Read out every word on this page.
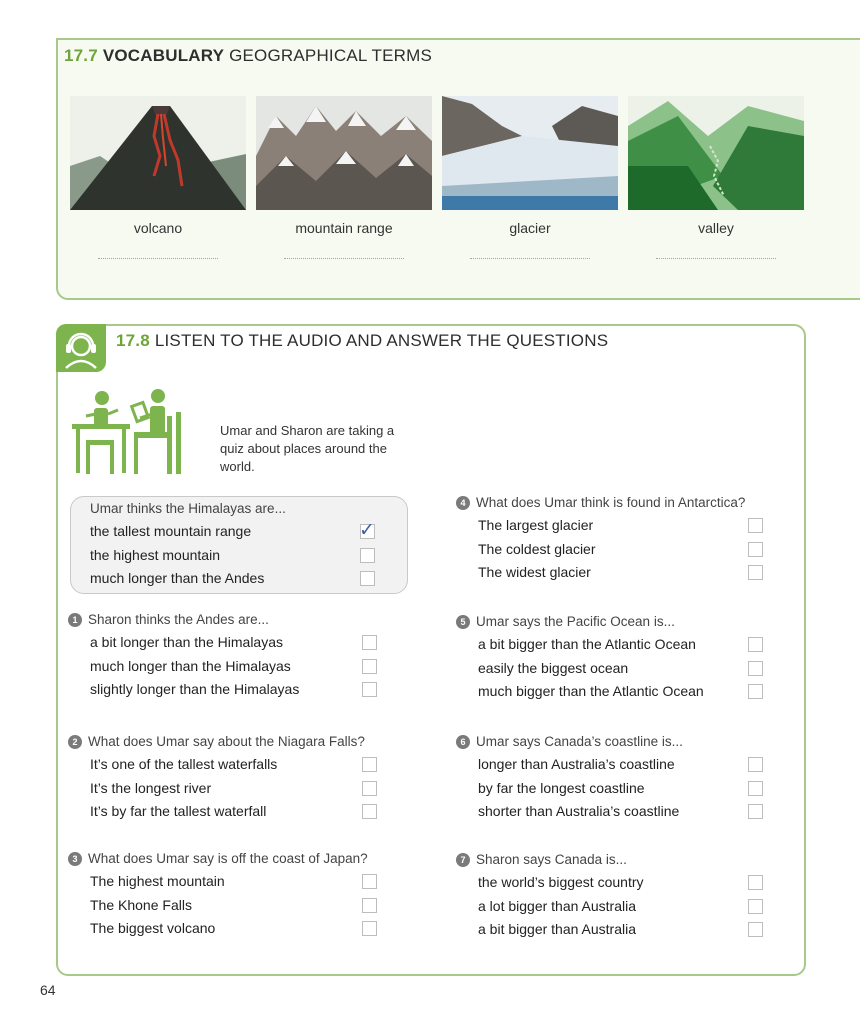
17.7 VOCABULARY GEOGRAPHICAL TERMS
volcano	mountain range	glacier	valley
17.8 LISTEN TO THE AUDIO AND ANSWER THE QUESTIONS
Umar and Sharon are taking a quiz about places around the world.
Umar thinks the Himalayas are...
the tallest mountain range	✓
the highest mountain
much longer than the Andes
1 Sharon thinks the Andes are...
a bit longer than the Himalayas
much longer than the Himalayas
slightly longer than the Himalayas
2 What does Umar say about the Niagara Falls?
It’s one of the tallest waterfalls
It’s the longest river
It’s by far the tallest waterfall
3 What does Umar say is off the coast of Japan?
The highest mountain
The Khone Falls
The biggest volcano
4 What does Umar think is found in Antarctica?
The largest glacier
The coldest glacier
The widest glacier
5 Umar says the Pacific Ocean is...
a bit bigger than the Atlantic Ocean
easily the biggest ocean
much bigger than the Atlantic Ocean
6 Umar says Canada’s coastline is...
longer than Australia’s coastline
by far the longest coastline
shorter than Australia’s coastline
7 Sharon says Canada is...
the world’s biggest country
a lot bigger than Australia
a bit bigger than Australia
64
